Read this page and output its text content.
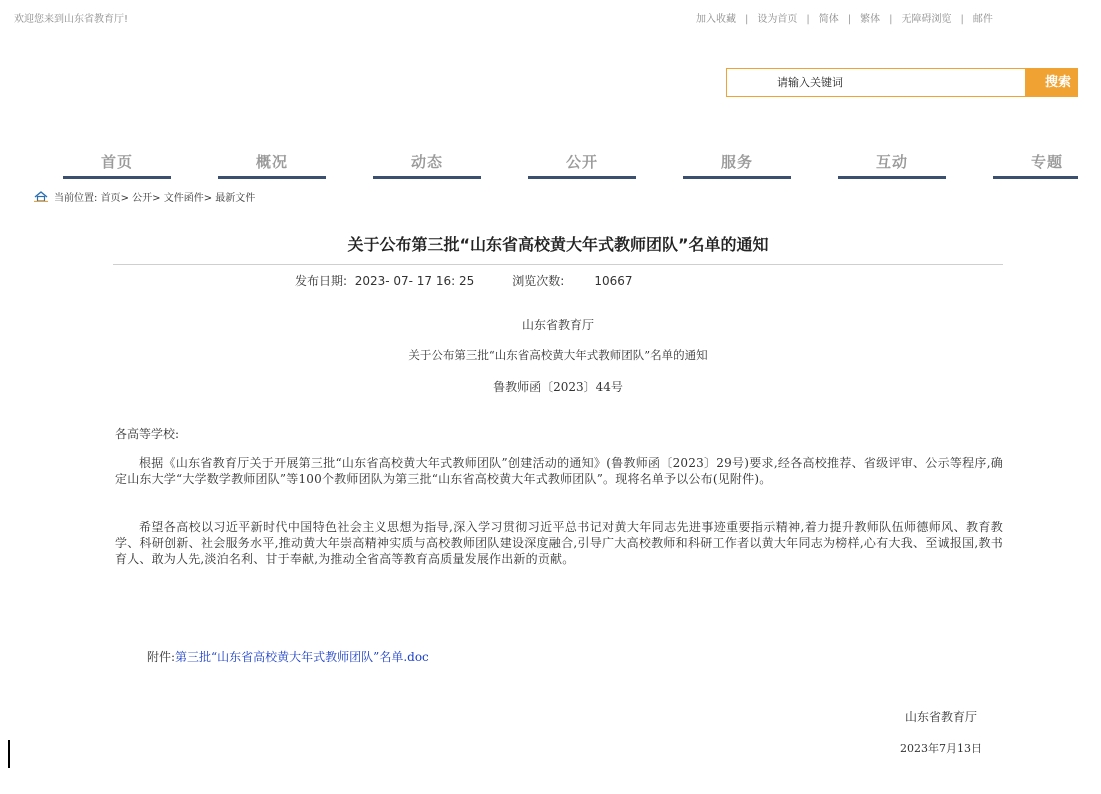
欢迎您来到山东省教育厅!	加入收藏 | 设为首页 | 简体 | 繁体 | 无障碍浏览 | 邮件
请输入关键词
搜索
首页	概况	动态	公开	服务	互动	专题
当前位置: 首页> 公开> 文件函件> 最新文件
关于公布第三批“山东省高校黄大年式教师团队”名单的通知
发布日期: 2023- 07- 17 16: 25	浏览次数:	10667
山东省教育厅
关于公布第三批“山东省高校黄大年式教师团队”名单的通知
鲁教师函〔2023〕44号
各高等学校:
根据《山东省教育厅关于开展第三批“山东省高校黄大年式教师团队”创建活动的通知》(鲁教师函〔2023〕29号)要求,经各高校推荐、省级评审、公示等程序,确定山东大学“大学数学教师团队”等100个教师团队为第三批“山东省高校黄大年式教师团队”。现将名单予以公布(见附件)。
希望各高校以习近平新时代中国特色社会主义思想为指导,深入学习贯彻习近平总书记对黄大年同志先进事迹重要指示精神,着力提升教师队伍师德师风、教育教学、科研创新、社会服务水平,推动黄大年崇高精神实质与高校教师团队建设深度融合,引导广大高校教师和科研工作者以黄大年同志为榜样,心有大我、至诚报国,教书育人、敢为人先,淡泊名利、甘于奉献,为推动全省高等教育高质量发展作出新的贡献。
附件:第三批“山东省高校黄大年式教师团队”名单.doc
山东省教育厅
2023年7月13日
